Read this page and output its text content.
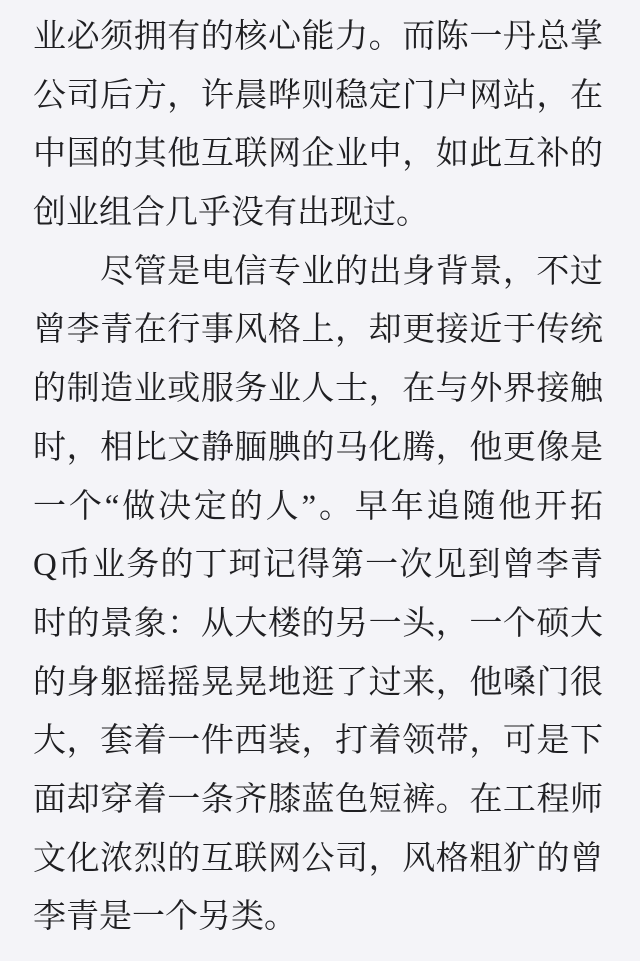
业必须拥有的核心能力。而陈一丹总掌
公司后方，许晨晔则稳定门户网站，在
中国的其他互联网企业中，如此互补的
创业组合几乎没有出现过。
尽管是电信专业的出身背景，不过
曾李青在行事风格上，却更接近于传统
的制造业或服务业人士，在与外界接触
时，相比文静腼腆的马化腾，他更像是
一个“做决定的人”。早年追随他开拓
Q币业务的丁珂记得第一次见到曾李青
时的景象：从大楼的另一头，一个硕大
的身躯摇摇晃晃地逛了过来，他嗓门很
大，套着一件西装，打着领带，可是下
面却穿着一条齐膝蓝色短裤。在工程师
文化浓烈的互联网公司，风格粗犷的曾
李青是一个另类。
